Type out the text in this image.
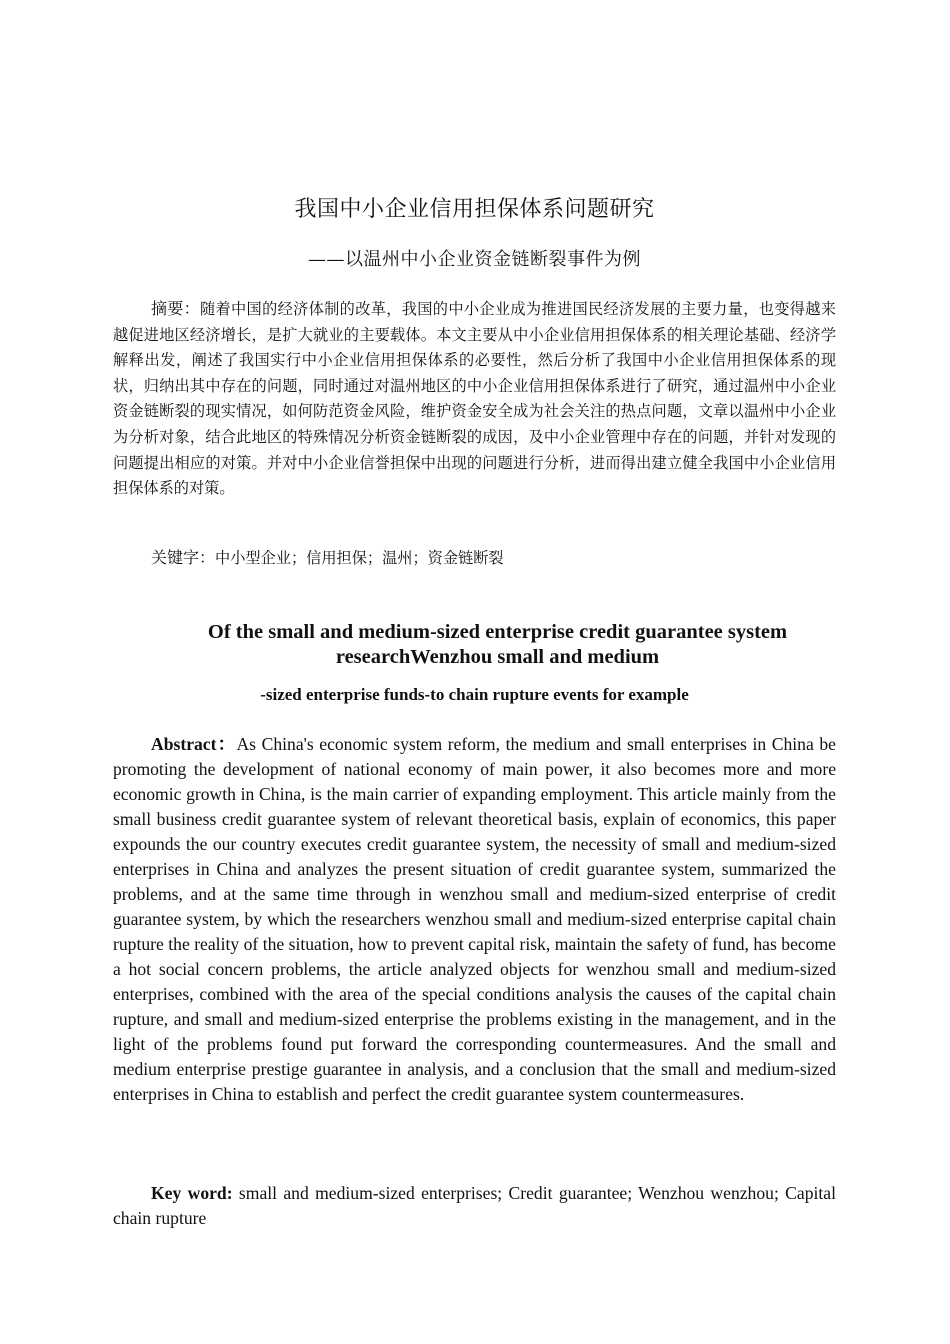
我国中小企业信用担保体系问题研究
——以温州中小企业资金链断裂事件为例

摘要：随着中国的经济体制的改革，我国的中小企业成为推进国民经济发展的主要力量，也变得越来越促进地区经济增长，是扩大就业的主要载体。本文主要从中小企业信用担保体系的相关理论基础、经济学解释出发，阐述了我国实行中小企业信用担保体系的必要性，然后分析了我国中小企业信用担保体系的现状，归纳出其中存在的问题，同时通过对温州地区的中小企业信用担保体系进行了研究，通过温州中小企业资金链断裂的现实情况，如何防范资金风险，维护资金安全成为社会关注的热点问题，文章以温州中小企业为分析对象，结合此地区的特殊情况分析资金链断裂的成因，及中小企业管理中存在的问题，并针对发现的问题提出相应的对策。并对中小企业信誉担保中出现的问题进行分析，进而得出建立健全我国中小企业信用担保体系的对策。

关键字：中小型企业；信用担保；温州；资金链断裂

Of the small and medium-sized enterprise credit guarantee system
researchWenzhou small and medium
-sized enterprise funds-to chain rupture events for example

Abstract：As China's economic system reform, the medium and small enterprises in China be promoting the development of national economy of main power, it also becomes more and more economic growth in China, is the main carrier of expanding employment. This article mainly from the small business credit guarantee system of relevant theoretical basis, explain of economics, this paper expounds the our country executes credit guarantee system, the necessity of small and medium-sized enterprises in China and analyzes the present situation of credit guarantee system, summarized the problems, and at the same time through in wenzhou small and medium-sized enterprise of credit guarantee system, by which the researchers wenzhou small and medium-sized enterprise capital chain rupture the reality of the situation, how to prevent capital risk, maintain the safety of fund, has become a hot social concern problems, the article analyzed objects for wenzhou small and medium-sized enterprises, combined with the area of the special conditions analysis the causes of the capital chain rupture, and small and medium-sized enterprise the problems existing in the management, and in the light of the problems found put forward the corresponding countermeasures. And the small and medium enterprise prestige guarantee in analysis, and a conclusion that the small and medium-sized enterprises in China to establish and perfect the credit guarantee system countermeasures.

Key word: small and medium-sized enterprises; Credit guarantee; Wenzhou wenzhou; Capital chain rupture
